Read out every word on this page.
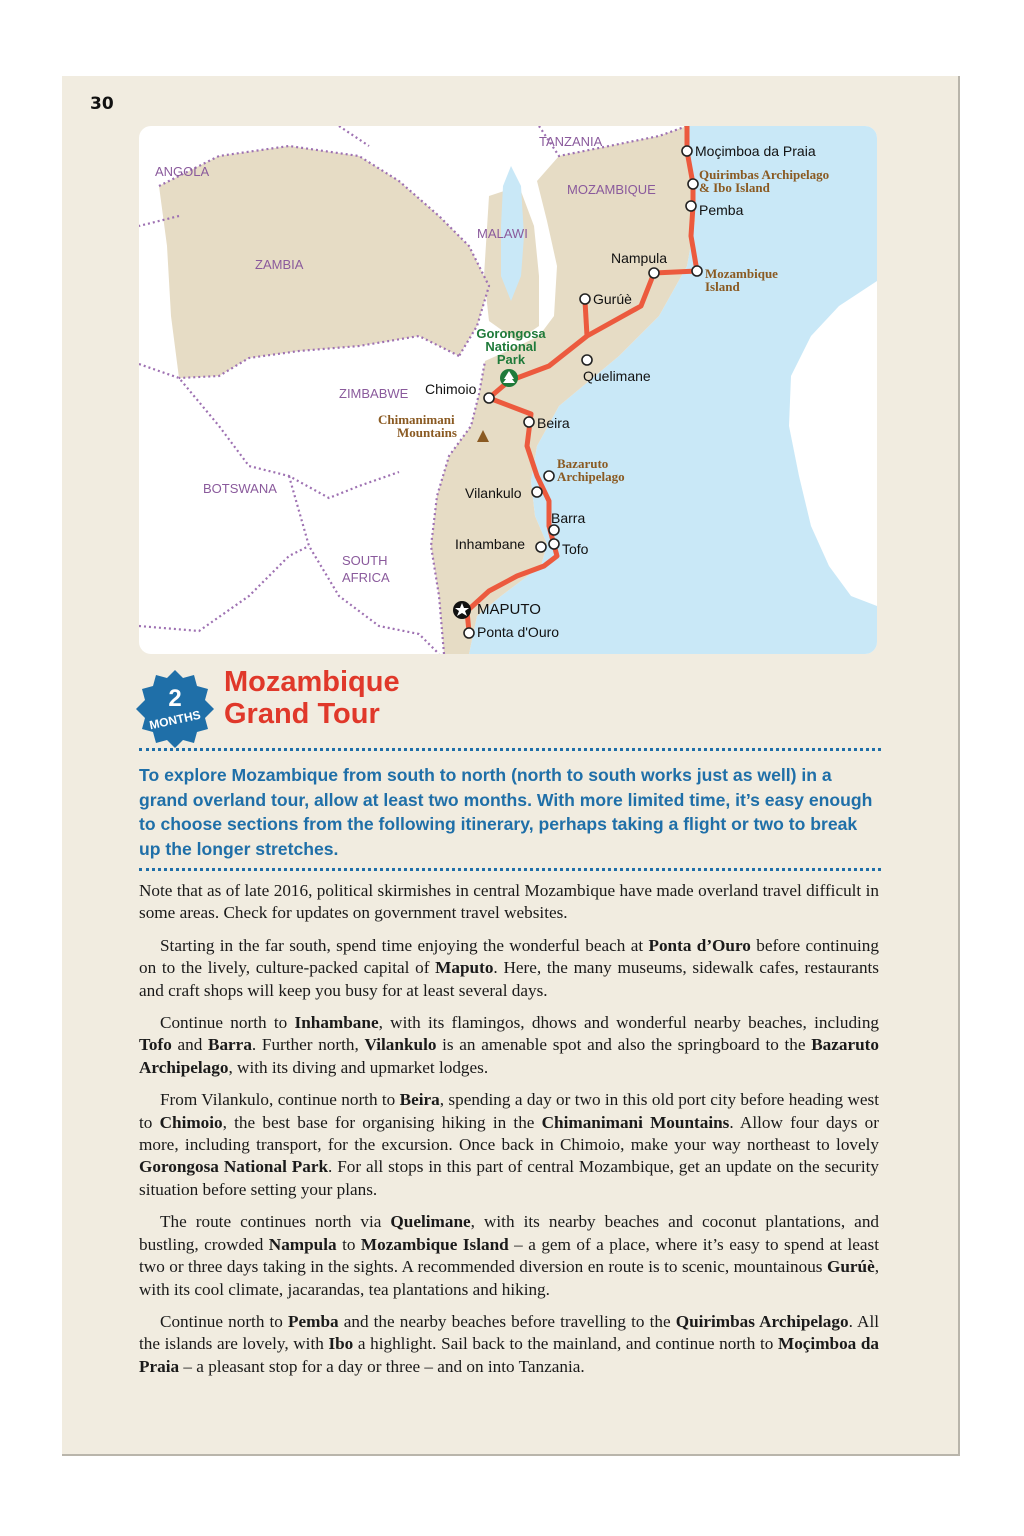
30
TANZANIA
ANGOLA
MOZAMBIQUE
MALAWI
ZAMBIA
ZIMBABWE
BOTSWANA
SOUTH
AFRICA
Moçimboa da Praia
Pemba
Nampula
Gurúè
Quelimane
Chimoio
Beira
Vilankulo
Barra
Inhambane	Tofo
MAPUTO
Ponta d'Ouro
Quirimbas Archipelago
& Ibo Island
Mozambique
Island
Chimanimani
Mountains
Bazaruto
Archipelago
Gorongosa
National
Park
2
MONTHS
Mozambique
Grand Tour
To explore Mozambique from south to north (north to south works just as well) in a grand overland tour, allow at least two months. With more limited time, it’s easy enough to choose sections from the following itinerary, perhaps taking a flight or two to break up the longer stretches.

Note that as of late 2016, political skirmishes in central Mozambique have made overland travel difficult in some areas. Check for updates on government travel websites.

Starting in the far south, spend time enjoying the wonderful beach at Ponta d’Ouro before continuing on to the lively, culture-packed capital of Maputo. Here, the many museums, sidewalk cafes, restaurants and craft shops will keep you busy for at least several days.

Continue north to Inhambane, with its flamingos, dhows and wonderful nearby beaches, including Tofo and Barra. Further north, Vilankulo is an amenable spot and also the springboard to the Bazaruto Archipelago, with its diving and upmarket lodges.

From Vilankulo, continue north to Beira, spending a day or two in this old port city before heading west to Chimoio, the best base for organising hiking in the Chimanimani Mountains. Allow four days or more, including transport, for the excursion. Once back in Chimoio, make your way northeast to lovely Gorongosa National Park. For all stops in this part of central Mozambique, get an update on the security situation before setting your plans.

The route continues north via Quelimane, with its nearby beaches and coconut plantations, and bustling, crowded Nampula to Mozambique Island – a gem of a place, where it’s easy to spend at least two or three days taking in the sights. A recommended diversion en route is to scenic, mountainous Gurúè, with its cool climate, jacarandas, tea plantations and hiking.

Continue north to Pemba and the nearby beaches before travelling to the Quirimbas Archipelago. All the islands are lovely, with Ibo a highlight. Sail back to the mainland, and continue north to Moçimboa da Praia – a pleasant stop for a day or three – and on into Tanzania.
